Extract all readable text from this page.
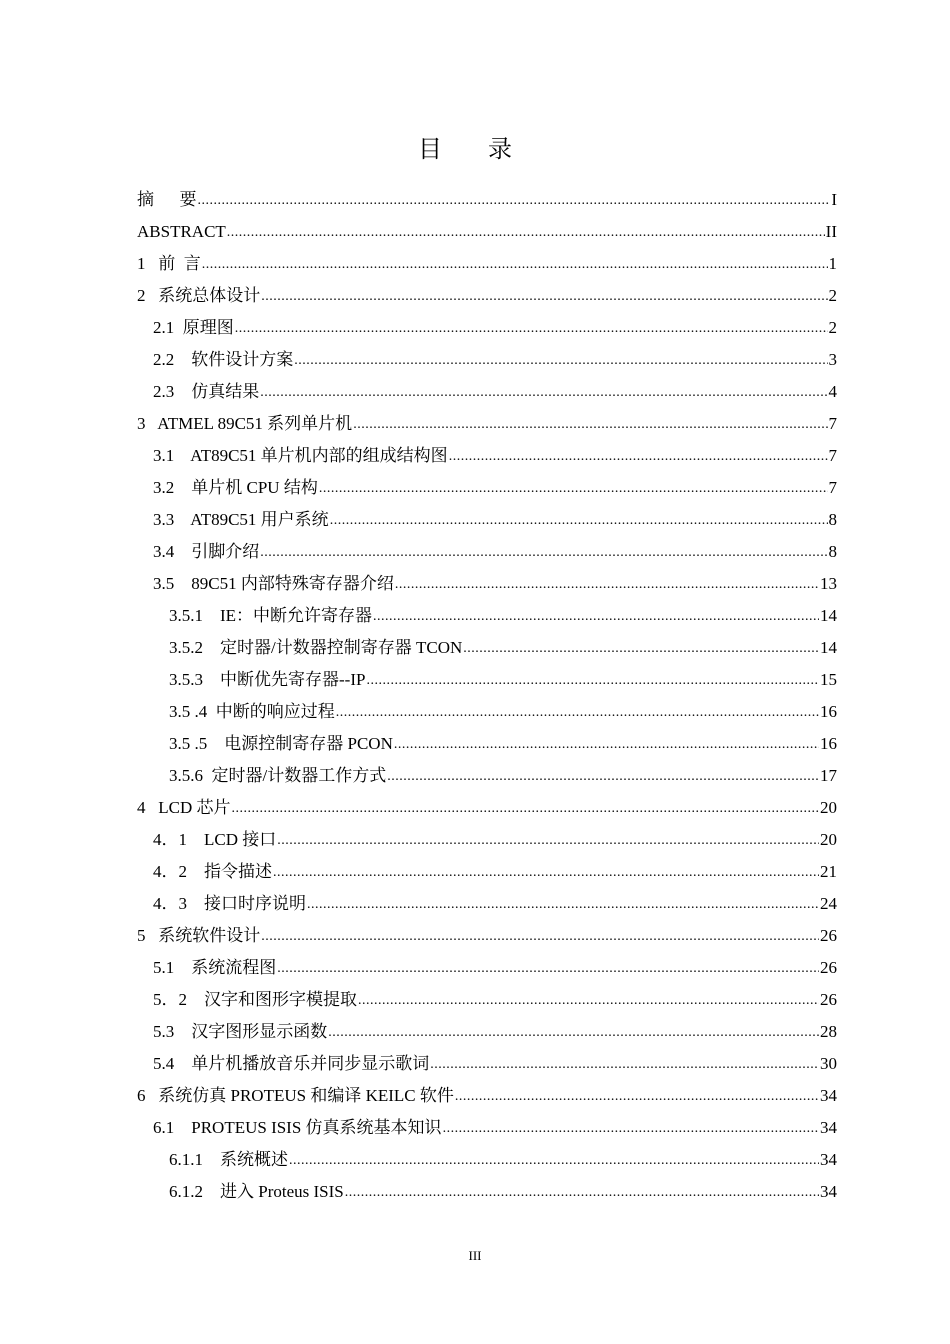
目 录
摘      要 .....	I
ABSTRACT .....	II
1   前  言 .....	1
2   系统总体设计 .....	2
2.1  原理图 .....	2
2.2    软件设计方案 .....	3
2.3    仿真结果 .....	4
3   ATMEL 89C51 系列单片机 .....	7
3.1    AT89C51 单片机内部的组成结构图 .....	7
3.2    单片机 CPU 结构 .....	7
3.3    AT89C51 用户系统 .....	8
3.4    引脚介绍 .....	8
3.5    89C51 内部特殊寄存器介绍 .....	13
3.5.1    IE：中断允许寄存器 .....	14
3.5.2    定时器/计数器控制寄存器 TCON .....	14
3.5.3    中断优先寄存器--IP .....	15
3.5 .4  中断的响应过程 .....	16
3.5 .5    电源控制寄存器 PCON .....	16
3.5.6  定时器/计数器工作方式 .....	17
4   LCD 芯片 .....	20
4．1    LCD 接口 .....	20
4．2    指令描述 .....	21
4．3    接口时序说明 .....	24
5   系统软件设计 .....	26
5.1    系统流程图 .....	26
5．2    汉字和图形字模提取 .....	26
5.3    汉字图形显示函数 .....	28
5.4    单片机播放音乐并同步显示歌词 .....	30
6   系统仿真 PROTEUS 和编译 KEILC 软件 .....	34
6.1    PROTEUS ISIS 仿真系统基本知识 .....	34
6.1.1    系统概述 .....	34
6.1.2    进入 Proteus ISIS .....	34
III
